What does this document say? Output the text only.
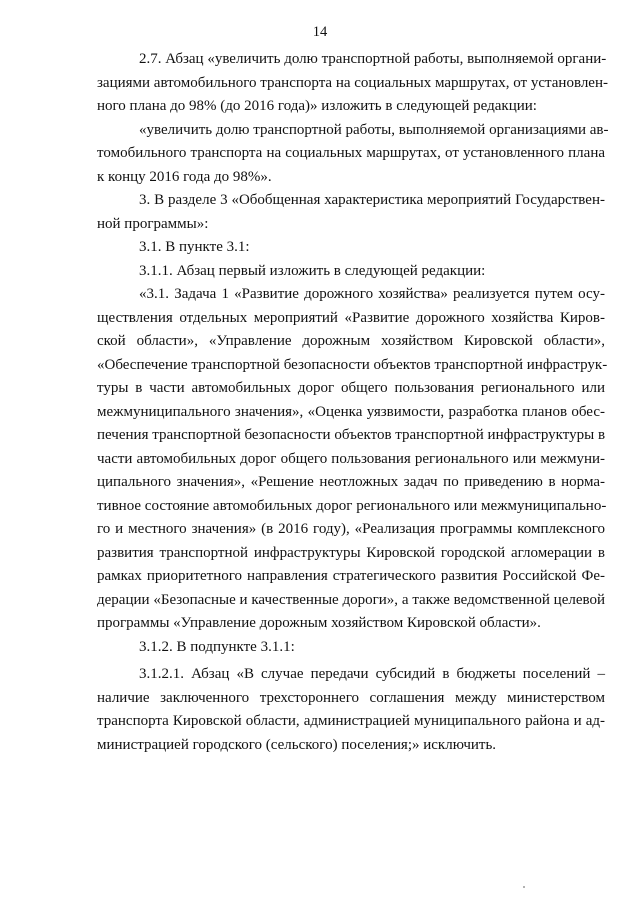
14
2.7. Абзац «увеличить долю транспортной работы, выполняемой органи-
зациями автомобильного транспорта на социальных маршрутах, от установлен-
ного плана до 98% (до 2016 года)» изложить в следующей редакции:
«увеличить долю транспортной работы, выполняемой организациями ав-
томобильного транспорта на социальных маршрутах, от установленного плана
к концу 2016 года до 98%».
3. В разделе 3 «Обобщенная характеристика мероприятий Государствен-
ной программы»:
3.1. В пункте 3.1:
3.1.1. Абзац первый изложить в следующей редакции:
«3.1. Задача 1 «Развитие дорожного хозяйства» реализуется путем осу-
ществления отдельных мероприятий «Развитие дорожного хозяйства Киров-
ской области», «Управление дорожным хозяйством Кировской области»,
«Обеспечение транспортной безопасности объектов транспортной инфраструк-
туры в части автомобильных дорог общего пользования регионального или
межмуниципального значения», «Оценка уязвимости, разработка планов обес-
печения транспортной безопасности объектов транспортной инфраструктуры в
части автомобильных дорог общего пользования регионального или межмуни-
ципального значения», «Решение неотложных задач по приведению в норма-
тивное состояние автомобильных дорог регионального или межмуниципально-
го и местного значения» (в 2016 году), «Реализация программы комплексного
развития транспортной инфраструктуры Кировской городской агломерации в
рамках приоритетного направления стратегического развития Российской Фе-
дерации «Безопасные и качественные дороги», а также ведомственной целевой
программы «Управление дорожным хозяйством Кировской области».
3.1.2. В подпункте 3.1.1:
3.1.2.1. Абзац «В случае передачи субсидий в бюджеты поселений –
наличие заключенного трехстороннего соглашения между министерством
транспорта Кировской области, администрацией муниципального района и ад-
министрацией городского (сельского) поселения;» исключить.
